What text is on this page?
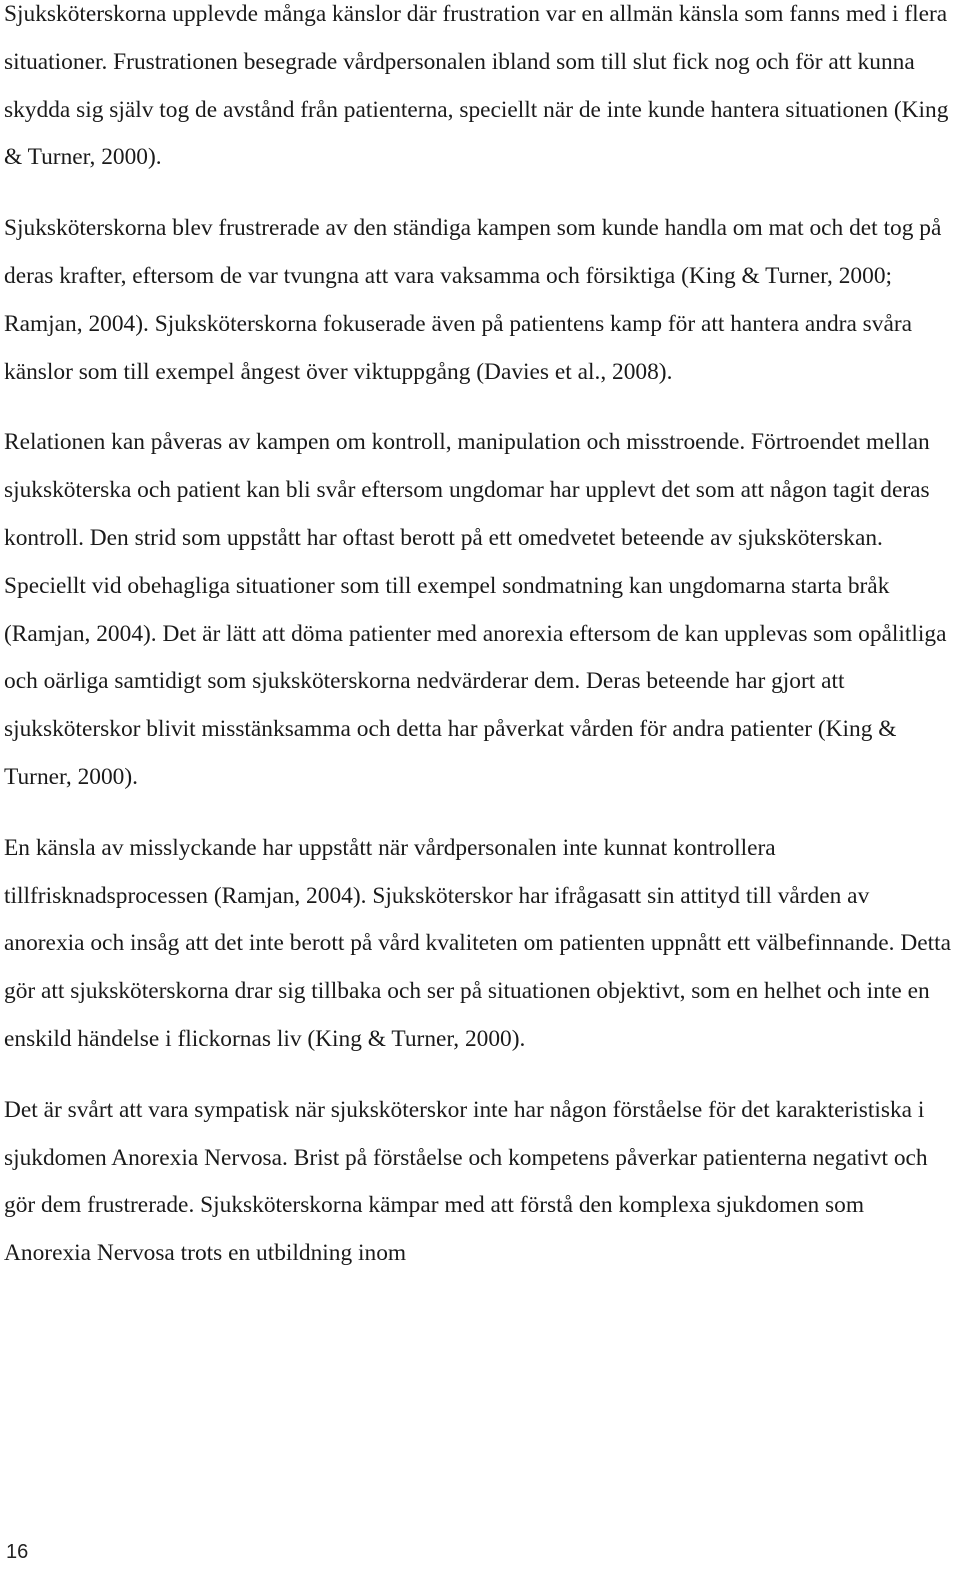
Sjuksköterskorna upplevde många känslor där frustration var en allmän känsla som fanns med i flera situationer. Frustrationen besegrade vårdpersonalen ibland som till slut fick nog och för att kunna skydda sig själv tog de avstånd från patienterna, speciellt när de inte kunde hantera situationen (King & Turner, 2000).

Sjuksköterskorna blev frustrerade av den ständiga kampen som kunde handla om mat och det tog på deras krafter, eftersom de var tvungna att vara vaksamma och försiktiga (King & Turner, 2000; Ramjan, 2004). Sjuksköterskorna fokuserade även på patientens kamp för att hantera andra svåra känslor som till exempel ångest över viktuppgång (Davies et al., 2008).

Relationen kan påveras av kampen om kontroll, manipulation och misstroende. Förtroendet mellan sjuksköterska och patient kan bli svår eftersom ungdomar har upplevt det som att någon tagit deras kontroll. Den strid som uppstått har oftast berott på ett omedvetet beteende av sjuksköterskan. Speciellt vid obehagliga situationer som till exempel sondmatning kan ungdomarna starta bråk (Ramjan, 2004). Det är lätt att döma patienter med anorexia eftersom de kan upplevas som opålitliga och oärliga samtidigt som sjuksköterskorna nedvärderar dem. Deras beteende har gjort att sjuksköterskor blivit misstänksamma och detta har påverkat vården för andra patienter (King & Turner, 2000).

En känsla av misslyckande har uppstått när vårdpersonalen inte kunnat kontrollera tillfrisknadsprocessen (Ramjan, 2004). Sjuksköterskor har ifrågasatt sin attityd till vården av anorexia och insåg att det inte berott på vård kvaliteten om patienten uppnått ett välbefinnande. Detta gör att sjuksköterskorna drar sig tillbaka och ser på situationen objektivt, som en helhet och inte en enskild händelse i flickornas liv (King & Turner, 2000).

Det är svårt att vara sympatisk när sjuksköterskor inte har någon förståelse för det karakteristiska i sjukdomen Anorexia Nervosa. Brist på förståelse och kompetens påverkar patienterna negativt och gör dem frustrerade. Sjuksköterskorna kämpar med att förstå den komplexa sjukdomen som Anorexia Nervosa trots en utbildning inom

16
